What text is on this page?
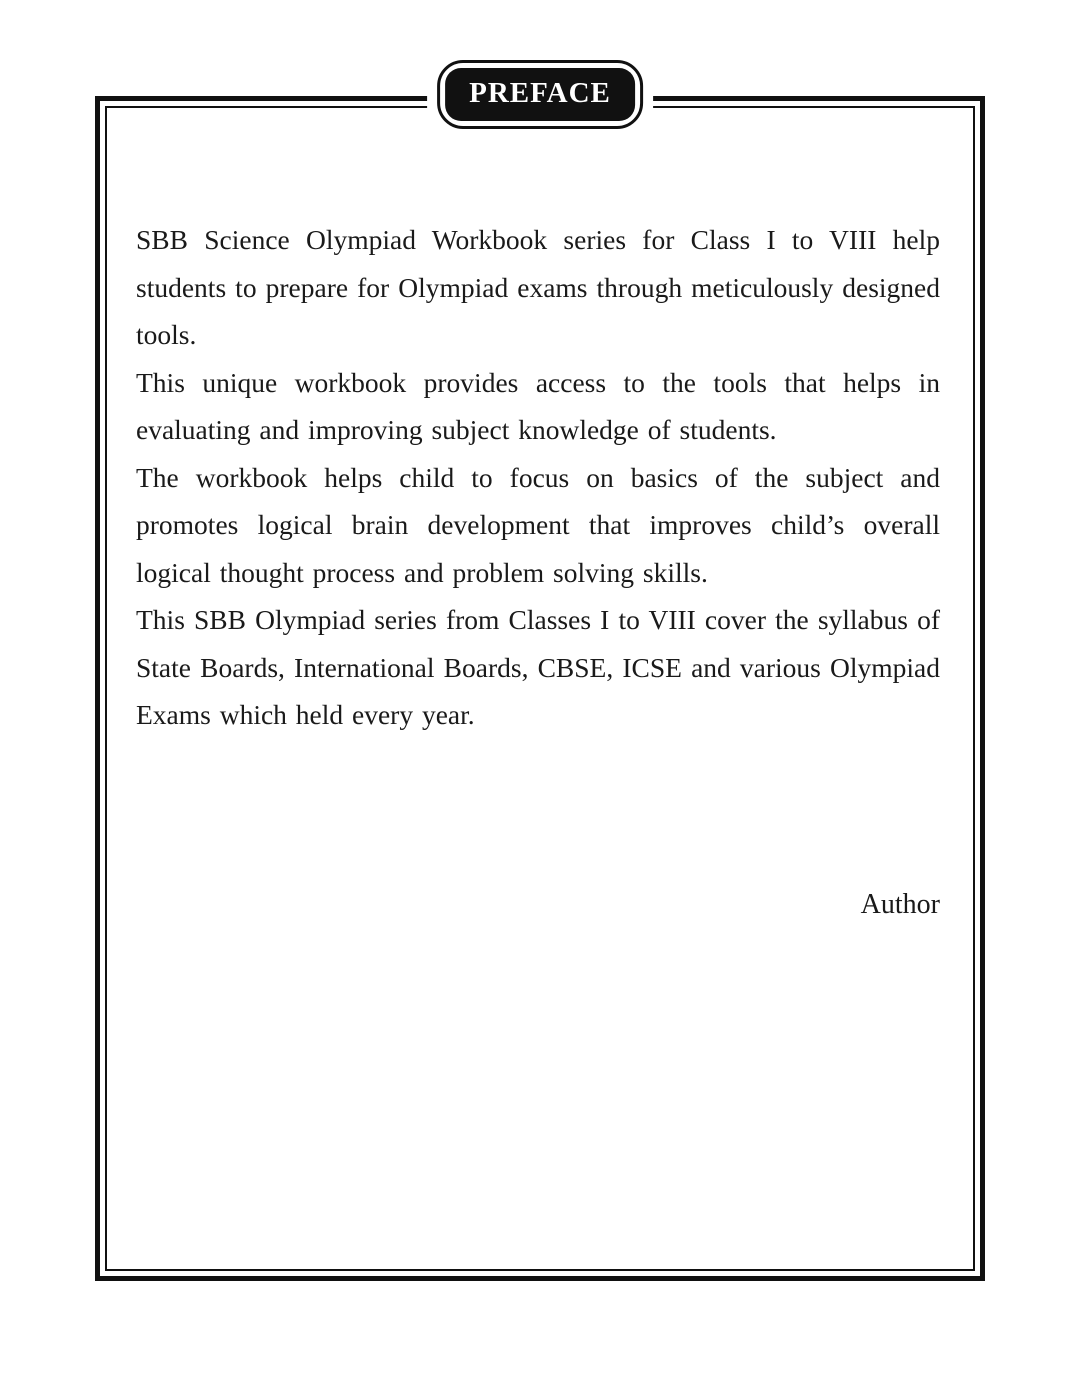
PREFACE

SBB Science Olympiad Workbook series for Class I to VIII help students to prepare for Olympiad exams through meticulously designed tools.

This unique workbook provides access to the tools that helps in evaluating and improving subject knowledge of students.

The workbook helps child to focus on basics of the subject and promotes logical brain development that improves child’s overall logical thought process and problem solving skills.

This SBB Olympiad series from Classes I to VIII cover the syllabus of State Boards, International Boards, CBSE, ICSE and various Olympiad Exams which held every year.

Author
